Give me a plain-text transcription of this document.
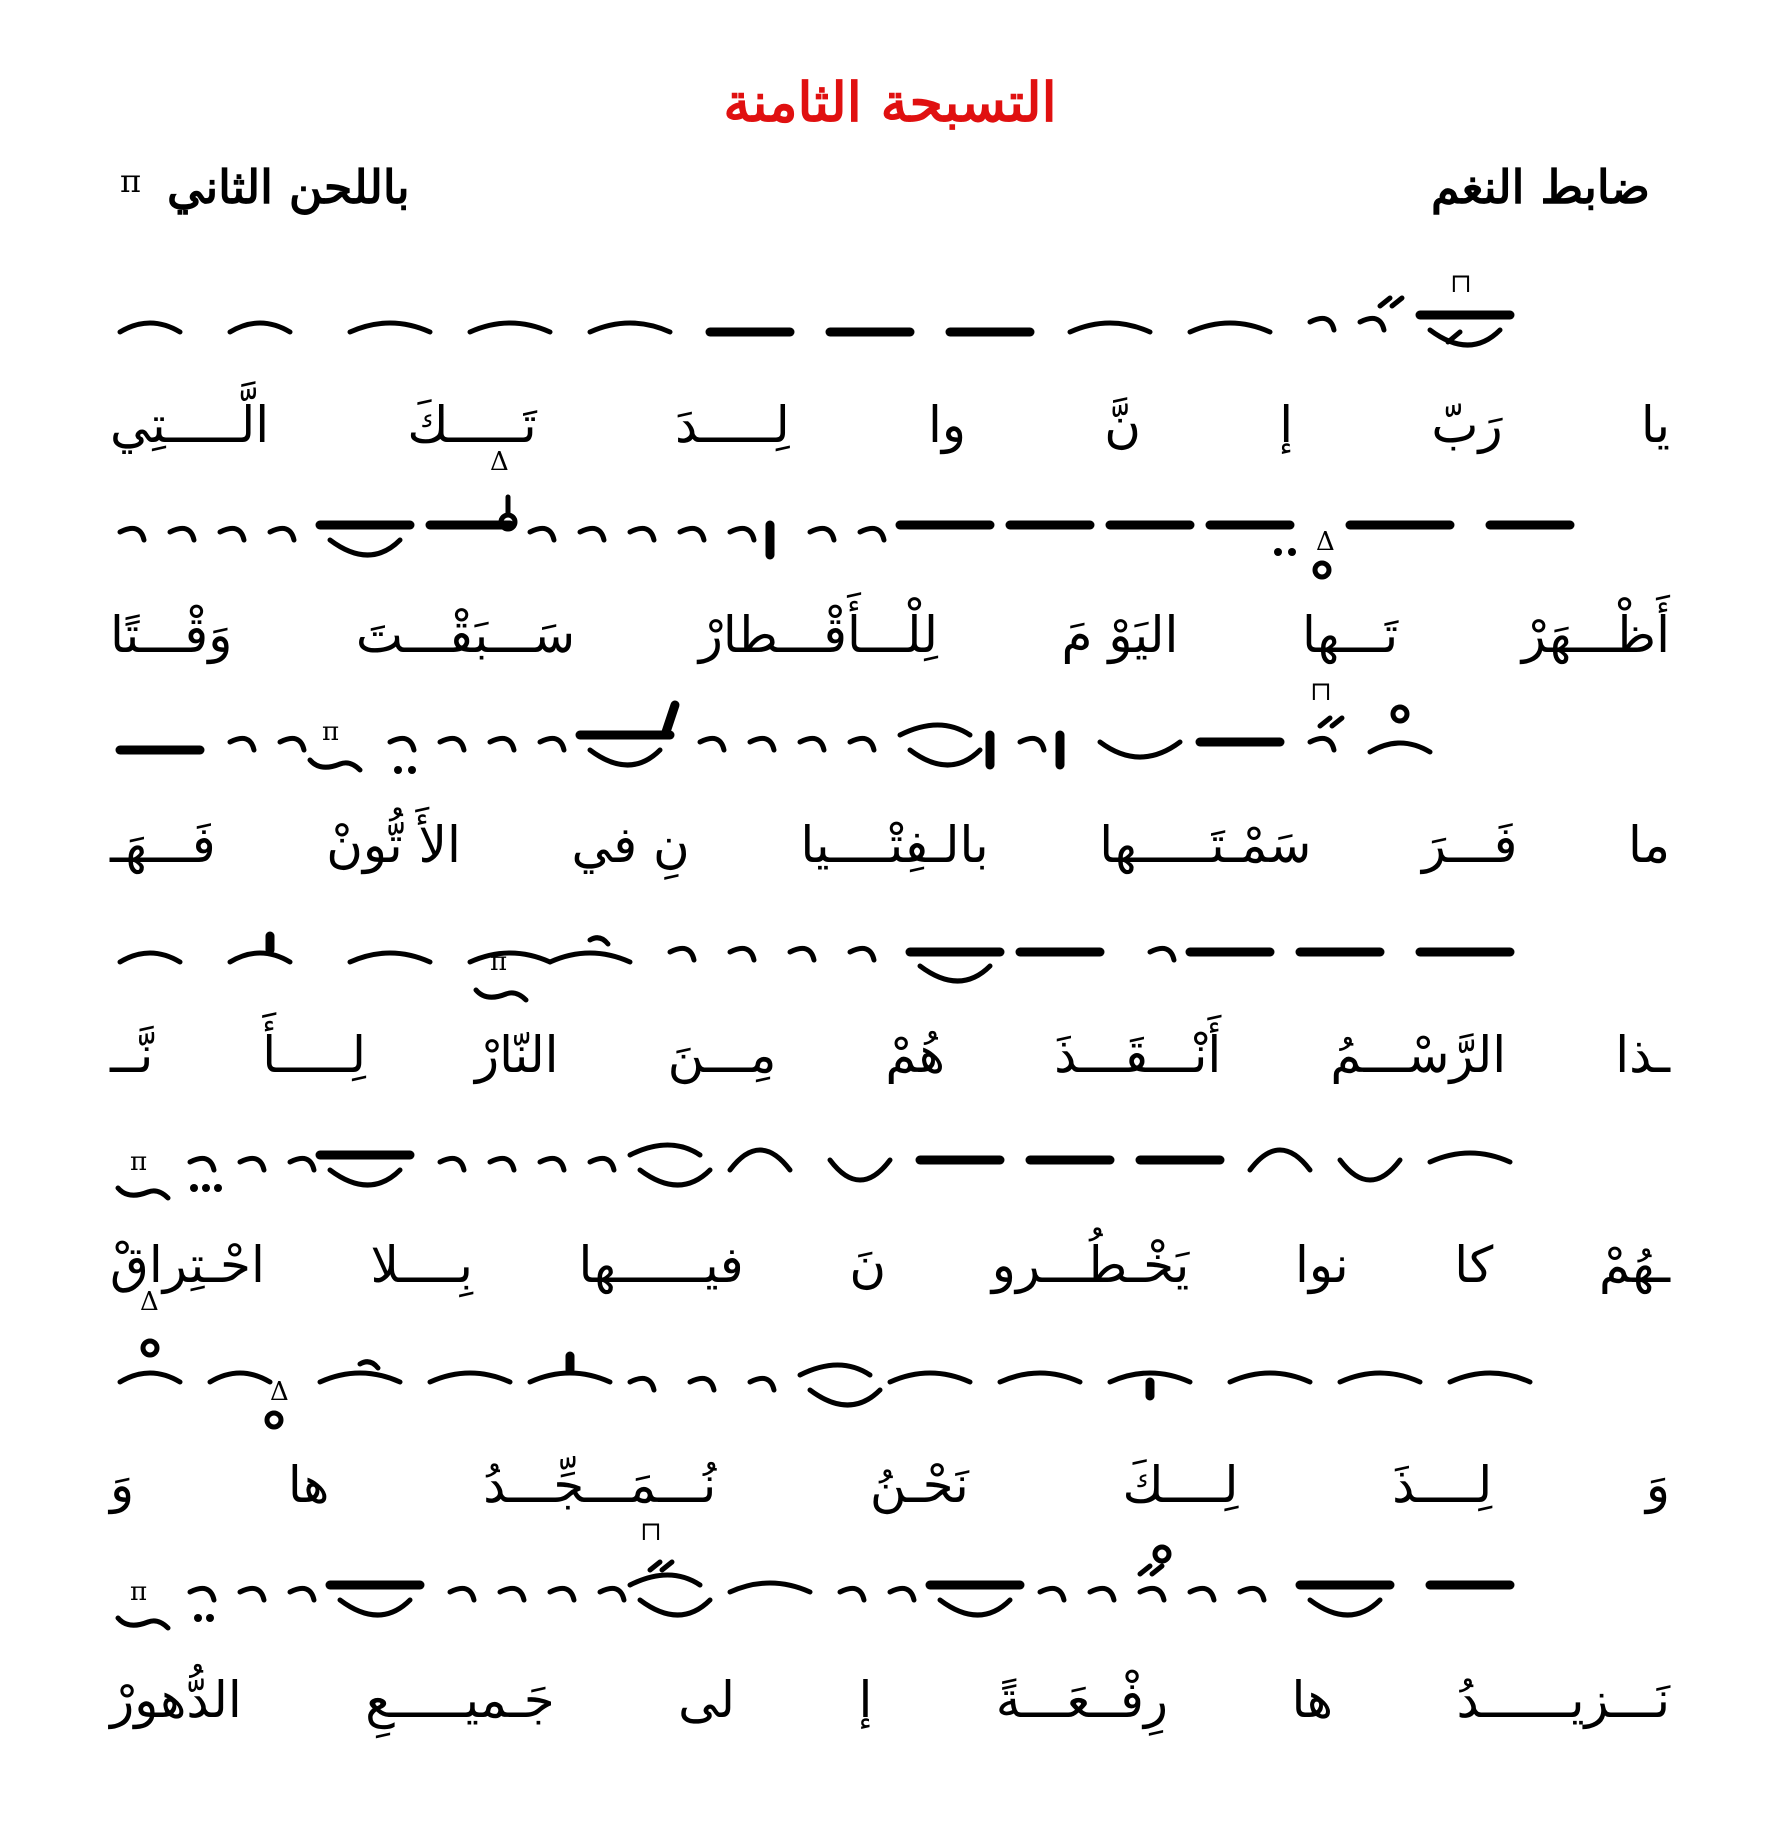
التسبحة الثامنة
ضابط النغم
باللحن الثاني
π
⊓
يا
رَبّ
إ
نَّ
وا
لِـــــدَ
تَـــــكَ
الَّـــــتِي
Δ
Δ
أَظْـــهَرْ
تَـــها
اليَوْ مَ
لِلْـــأَقْـــطارْ
سَـــبَقْـــتَ
وَقْـــتًا
π
⊓
ما
فَـــرَ
سَمْـتَـــــها
بالـفِتْــــيا
نِ في
الأَ تُّونْ
فَـــهَـ
π
ـذا
الرَّسْـــمُ
أَنْـــقَـــذَ
هُمْ
مِـــنَ
النّارْ
لِـــــأَ
نَّــ
π
ـهُمْ
كا
نوا
يَخْـطُـــرو
نَ
فيــــــها
بِــــلا
احْـتِراقْ
Δ
Δ
وَ
لِــــذَ
لِــــكَ
نَحْـنُ
نُـــمَـــجِّـــدُ
ها
وَ
π
⊓
نَـــزيــــــدُ
ها
رِفْــعَـــةً
إ
لى
جَـميـــــعِ
الدُّهورْ
